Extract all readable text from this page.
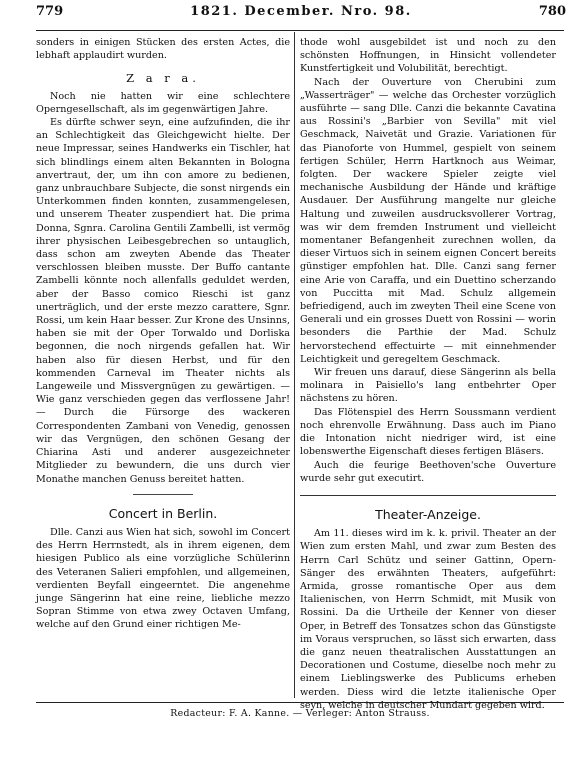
779	1821. December. Nro. 98.	780

sonders in einigen Stücken des ersten Actes, die lebhaft applaudirt wurden.

Z a r a.

Noch nie hatten wir eine schlechtere Operngesellschaft, als im gegenwärtigen Jahre.

Es dürfte schwer seyn, eine aufzufinden, die ihr an Schlechtigkeit das Gleichgewicht hielte. Der neue Impressar, seines Handwerks ein Tischler, hat sich blindlings einem alten Bekannten in Bologna anvertraut, der, um ihn con amore zu bedienen, ganz unbrauchbare Subjecte, die sonst nirgends ein Unterkommen finden konnten, zusammengelesen, und unserem Theater zuspendiert hat. Die prima Donna, Sgnra. Carolina Gentili Zambelli, ist vermög ihrer physischen Leibesgebrechen so untauglich, dass schon am zweyten Abende das Theater verschlossen bleiben musste. Der Buffo cantante Zambelli könnte noch allenfalls geduldet werden, aber der Basso comico Rieschi ist ganz unerträglich, und der erste mezzo carattere, Sgnr. Rossi, um kein Haar besser. Zur Krone des Unsinns, haben sie mit der Oper Torwaldo und Dorliska begonnen, die noch nirgends gefallen hat. Wir haben also für diesen Herbst, und für den kommenden Carneval im Theater nichts als Langeweile und Missvergnügen zu gewärtigen. — Wie ganz verschieden gegen das verflossene Jahr! — Durch die Fürsorge des wackeren Correspondenten Zambani von Venedig, genossen wir das Vergnügen, den schönen Gesang der Chiarina Asti und anderer ausgezeichneter Mitglieder zu bewundern, die uns durch vier Monathe manchen Genuss bereitet hatten.

Concert in Berlin.

Dlle. Canzi aus Wien hat sich, sowohl im Concert des Herrn Herrnstedt, als in ihrem eigenen, dem hiesigen Publico als eine vorzügliche Schülerinn des Veteranen Salieri empfohlen, und allgemeinen, verdienten Beyfall eingeerntet. Die angenehme junge Sängerinn hat eine reine, liebliche mezzo Sopran Stimme von etwa zwey Octaven Umfang, welche auf den Grund einer richtigen Me-

thode wohl ausgebildet ist und noch zu den schönsten Hoffnungen, in Hinsicht vollendeter Kunstfertigkeit und Volubilität, berechtigt.

Nach der Ouverture von Cherubini zum „Wasserträger" — welche das Orchester vorzüglich ausführte — sang Dlle. Canzi die bekannte Cavatina aus Rossini's „Barbier von Sevilla" mit viel Geschmack, Naivetät und Grazie. Variationen für das Pianoforte von Hummel, gespielt von seinem fertigen Schüler, Herrn Hartknoch aus Weimar, folgten. Der wackere Spieler zeigte viel mechanische Ausbildung der Hände und kräftige Ausdauer. Der Ausführung mangelte nur gleiche Haltung und zuweilen ausdrucksvollerer Vortrag, was wir dem fremden Instrument und vielleicht momentaner Befangenheit zurechnen wollen, da dieser Virtuos sich in seinem eignen Concert bereits günstiger empfohlen hat. Dlle. Canzi sang ferner eine Arie von Caraffa, und ein Duettino scherzando von Puccitta mit Mad. Schulz allgemein befriedigend, auch im zweyten Theil eine Scene von Generali und ein grosses Duett von Rossini — worin besonders die Parthie der Mad. Schulz hervorstechend effectuirte — mit einnehmender Leichtigkeit und geregeltem Geschmack.

Wir freuen uns darauf, diese Sängerinn als bella molinara in Paisiello's lang entbehrter Oper nächstens zu hören.

Das Flötenspiel des Herrn Soussmann verdient noch ehrenvolle Erwähnung. Dass auch im Piano die Intonation nicht niedriger wird, ist eine lobenswerthe Eigenschaft dieses fertigen Bläsers.

Auch die feurige Beethoven'sche Ouverture wurde sehr gut executirt.

Theater-Anzeige.

Am 11. dieses wird im k. k. privil. Theater an der Wien zum ersten Mahl, und zwar zum Besten des Herrn Carl Schütz und seiner Gattinn, Opern-Sänger des erwähnten Theaters, aufgeführt: Armida, grosse romantische Oper aus dem Italienischen, von Herrn Schmidt, mit Musik von Rossini. Da die Urtheile der Kenner von dieser Oper, in Betreff des Tonsatzes schon das Günstigste im Voraus verspruchen, so lässt sich erwarten, dass die ganz neuen theatralischen Ausstattungen an Decorationen und Costume, dieselbe noch mehr zu einem Lieblingswerke des Publicums erheben werden. Diess wird die letzte italienische Oper seyn, welche in deutscher Mundart gegeben wird.

Redacteur: F. A. Kanne. — Verleger: Anton Strauss.
